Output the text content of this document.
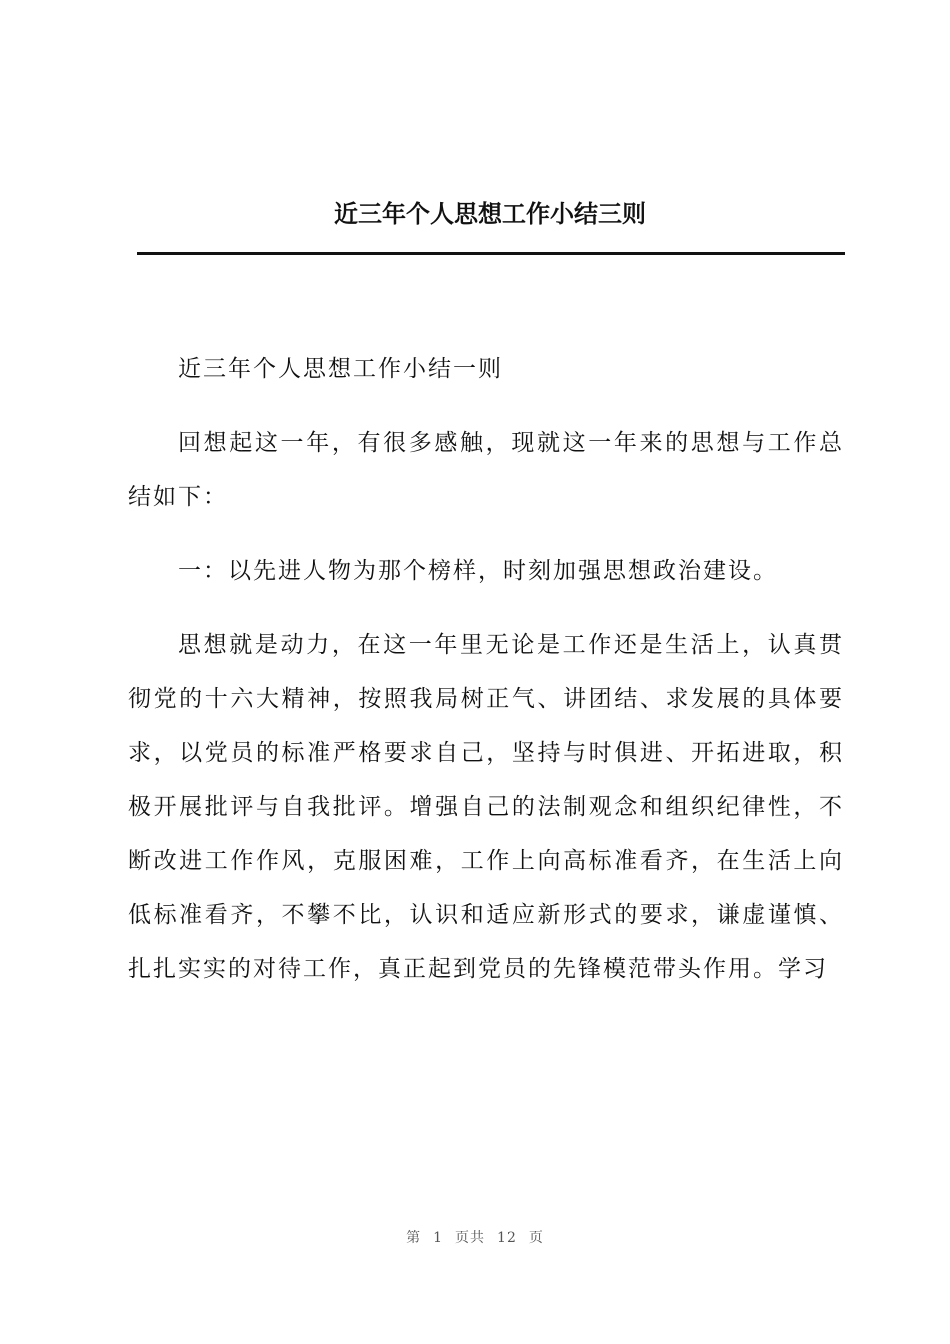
近三年个人思想工作小结三则

近三年个人思想工作小结一则

回想起这一年，有很多感触，现就这一年来的思想与工作总结如下：

一：以先进人物为那个榜样，时刻加强思想政治建设。

思想就是动力，在这一年里无论是工作还是生活上，认真贯彻党的十六大精神，按照我局树正气、讲团结、求发展的具体要求，以党员的标准严格要求自己，坚持与时俱进、开拓进取，积极开展批评与自我批评。增强自己的法制观念和组织纪律性，不断改进工作作风，克服困难，工作上向高标准看齐，在生活上向低标准看齐，不攀不比，认识和适应新形式的要求，谦虚谨慎、扎扎实实的对待工作，真正起到党员的先锋模范带头作用。学习

第 1 页共 12 页
